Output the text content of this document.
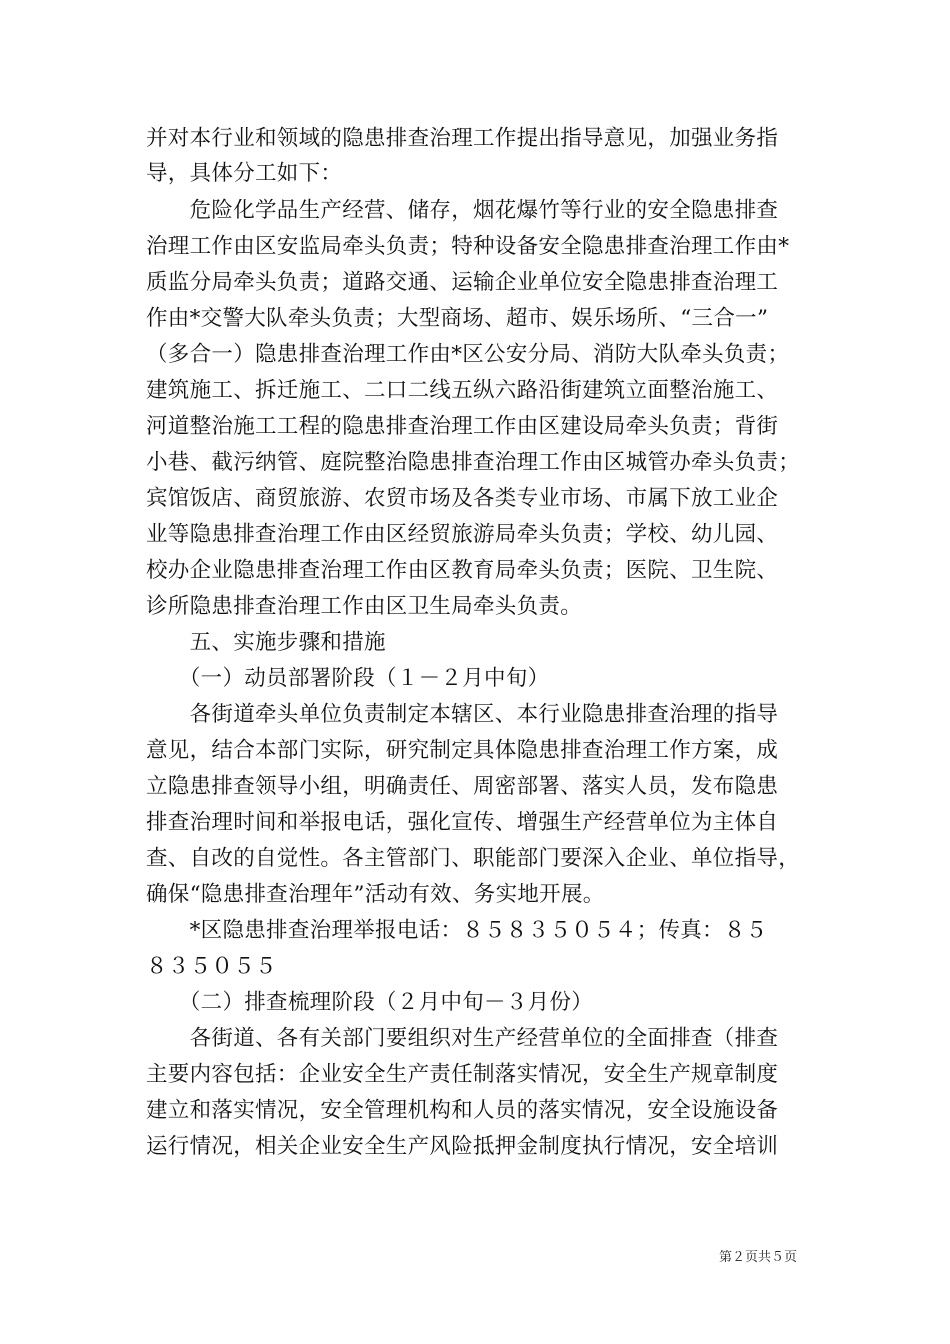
并对本行业和领域的隐患排查治理工作提出指导意见，加强业务指
导，具体分工如下：
　　危险化学品生产经营、储存，烟花爆竹等行业的安全隐患排查
治理工作由区安监局牵头负责；特种设备安全隐患排查治理工作由*
质监分局牵头负责；道路交通、运输企业单位安全隐患排查治理工
作由*交警大队牵头负责；大型商场、超市、娱乐场所、“三合一”
（多合一）隐患排查治理工作由*区公安分局、消防大队牵头负责；
建筑施工、拆迁施工、二口二线五纵六路沿街建筑立面整治施工、
河道整治施工工程的隐患排查治理工作由区建设局牵头负责；背街
小巷、截污纳管、庭院整治隐患排查治理工作由区城管办牵头负责；
宾馆饭店、商贸旅游、农贸市场及各类专业市场、市属下放工业企
业等隐患排查治理工作由区经贸旅游局牵头负责；学校、幼儿园、
校办企业隐患排查治理工作由区教育局牵头负责；医院、卫生院、
诊所隐患排查治理工作由区卫生局牵头负责。
　　五、实施步骤和措施
　　（一）动员部署阶段（１－２月中旬）
　　各街道牵头单位负责制定本辖区、本行业隐患排查治理的指导
意见，结合本部门实际，研究制定具体隐患排查治理工作方案，成
立隐患排查领导小组，明确责任、周密部署、落实人员，发布隐患
排查治理时间和举报电话，强化宣传、增强生产经营单位为主体自
查、自改的自觉性。各主管部门、职能部门要深入企业、单位指导，
确保“隐患排查治理年”活动有效、务实地开展。
　　*区隐患排查治理举报电话：８５８３５０５４；传真：８５
８３５０５５
　　（二）排查梳理阶段（２月中旬－３月份）
　　各街道、各有关部门要组织对生产经营单位的全面排查（排查
主要内容包括：企业安全生产责任制落实情况，安全生产规章制度
建立和落实情况，安全管理机构和人员的落实情况，安全设施设备
运行情况，相关企业安全生产风险抵押金制度执行情况，安全培训
第２页共５页
